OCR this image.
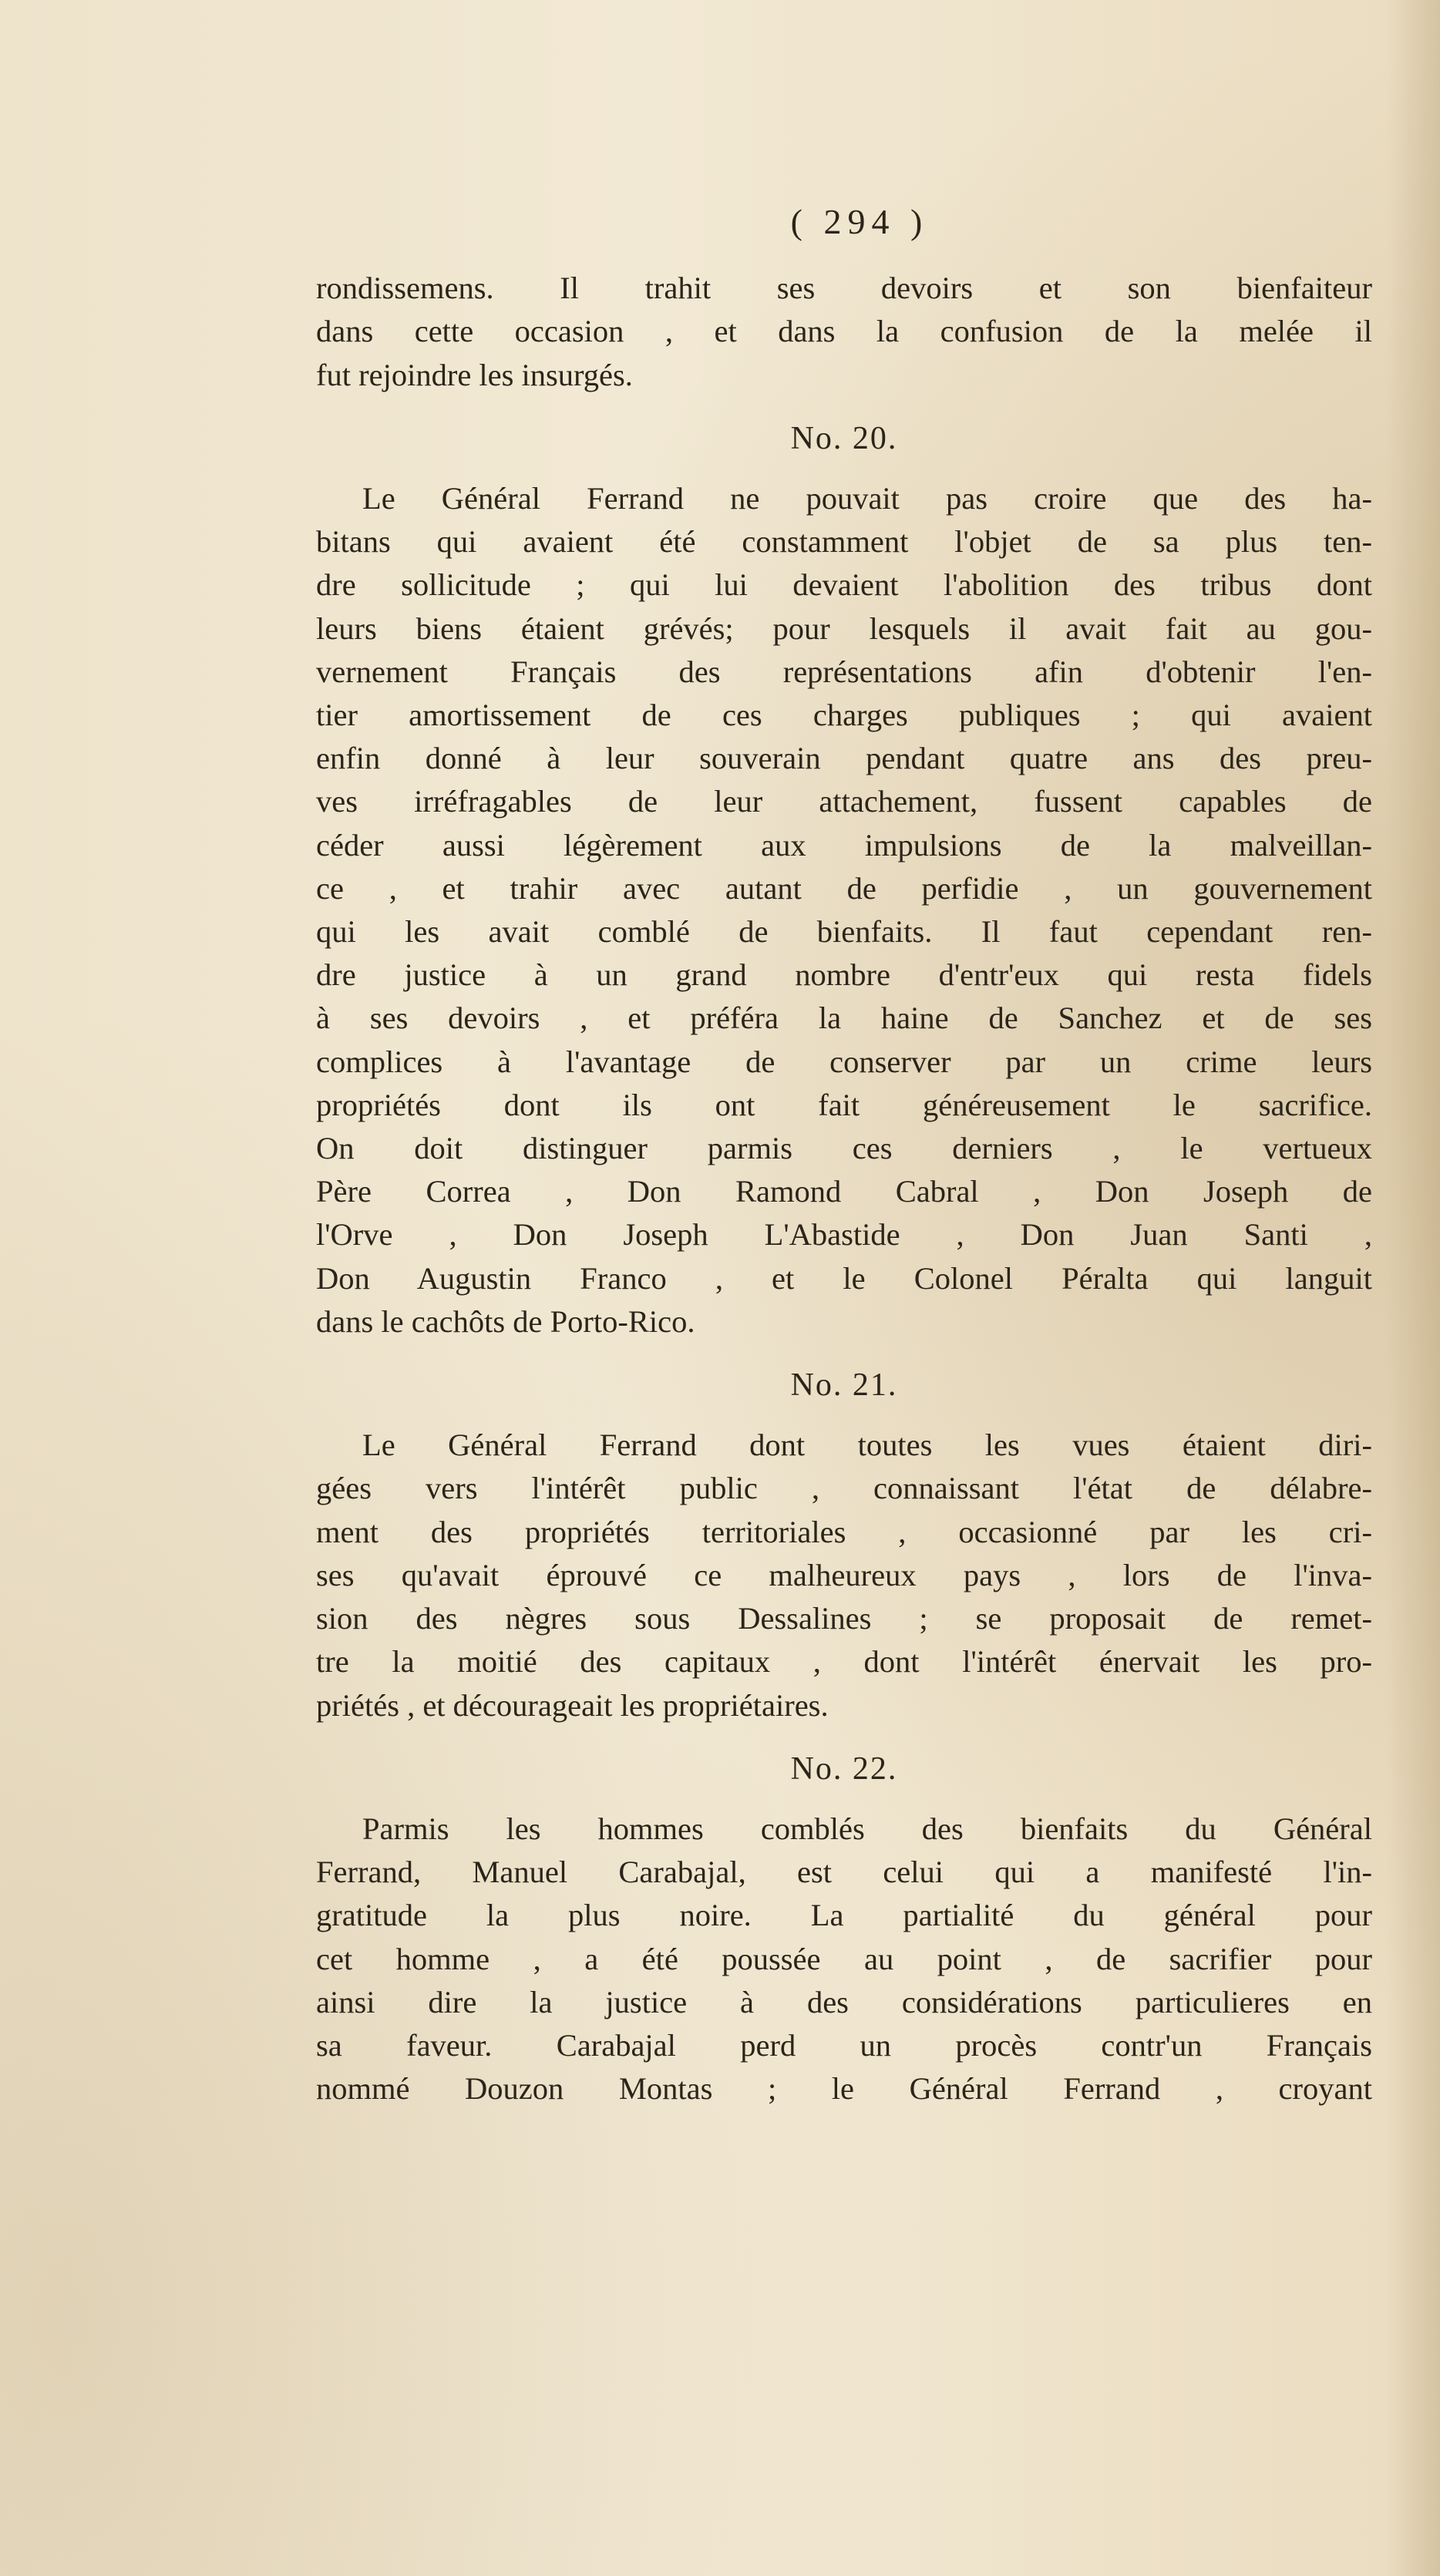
( 294 )
rondissemens. Il trahit ses devoirs et son bienfaiteur
dans cette occasion , et dans la confusion de la melée il
fut rejoindre les insurgés.
No. 20.
Le Général Ferrand ne pouvait pas croire que des ha-
bitans qui avaient été constamment l'objet de sa plus ten-
dre sollicitude ; qui lui devaient l'abolition des tribus dont
leurs biens étaient grévés; pour lesquels il avait fait au gou-
vernement Français des représentations afin d'obtenir l'en-
tier amortissement de ces charges publiques ; qui avaient
enfin donné à leur souverain pendant quatre ans des preu-
ves irréfragables de leur attachement, fussent capables de
céder aussi légèrement aux impulsions de la malveillan-
ce , et trahir avec autant de perfidie , un gouvernement
qui les avait comblé de bienfaits. Il faut cependant ren-
dre justice à un grand nombre d'entr'eux qui resta fidels
à ses devoirs , et préféra la haine de Sanchez et de ses
complices à l'avantage de conserver par un crime leurs
propriétés dont ils ont fait généreusement le sacrifice.
On doit distinguer parmis ces derniers , le vertueux
Père Correa , Don Ramond Cabral , Don Joseph de
l'Orve , Don Joseph L'Abastide , Don Juan Santi ,
Don Augustin Franco , et le Colonel Péralta qui languit
dans le cachôts de Porto-Rico.
No. 21.
Le Général Ferrand dont toutes les vues étaient diri-
gées vers l'intérêt public , connaissant l'état de délabre-
ment des propriétés territoriales , occasionné par les cri-
ses qu'avait éprouvé ce malheureux pays , lors de l'inva-
sion des nègres sous Dessalines ; se proposait de remet-
tre la moitié des capitaux , dont l'intérêt énervait les pro-
priétés , et décourageait les propriétaires.
No. 22.
Parmis les hommes comblés des bienfaits du Général
Ferrand, Manuel Carabajal, est celui qui a manifesté l'in-
gratitude la plus noire. La partialité du général pour
cet homme , a été poussée au point , de sacrifier pour
ainsi dire la justice à des considérations particulieres en
sa faveur. Carabajal perd un procès contr'un Français
nommé Douzon Montas ; le Général Ferrand , croyant
